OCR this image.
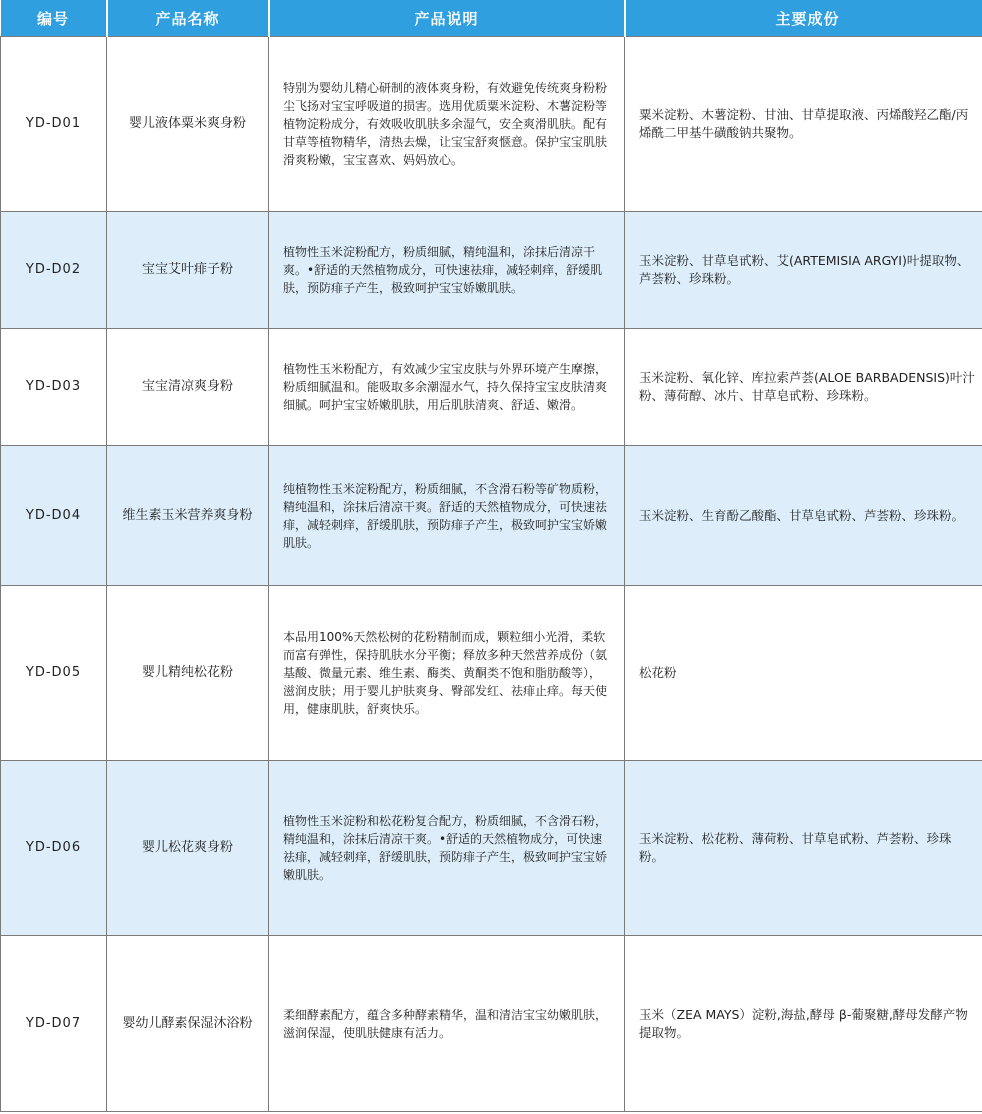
编号	产品名称	产品说明	主要成份
YD-D01	婴儿液体粟米爽身粉	特别为婴幼儿精心研制的液体爽身粉，有效避免传统爽身粉粉尘飞扬对宝宝呼吸道的损害。选用优质粟米淀粉、木薯淀粉等植物淀粉成分，有效吸收肌肤多余湿气，安全爽滑肌肤。配有甘草等植物精华，清热去燥，让宝宝舒爽惬意。保护宝宝肌肤滑爽粉嫩，宝宝喜欢、妈妈放心。	粟米淀粉、木薯淀粉、甘油、甘草提取液、丙烯酸羟乙酯/丙烯酰二甲基牛磺酸钠共聚物。

YD-D02	宝宝艾叶痱子粉	植物性玉米淀粉配方，粉质细腻，精纯温和，涂抹后清凉干爽。•舒适的天然植物成分，可快速祛痱，减轻刺痒，舒缓肌肤，预防痱子产生，极致呵护宝宝娇嫩肌肤。	玉米淀粉、甘草皂甙粉、艾(ARTEMISIA ARGYI)叶提取物、芦荟粉、珍珠粉。

YD-D03	宝宝清凉爽身粉	植物性玉米粉配方，有效减少宝宝皮肤与外界环境产生摩擦，粉质细腻温和。能吸取多余潮湿水气，持久保持宝宝皮肤清爽细腻。呵护宝宝娇嫩肌肤，用后肌肤清爽、舒适、嫩滑。	玉米淀粉、氧化锌、库拉索芦荟(ALOE BARBADENSIS)叶汁粉、薄荷醇、冰片、甘草皂甙粉、珍珠粉。

YD-D04	维生素玉米营养爽身粉	纯植物性玉米淀粉配方，粉质细腻，不含滑石粉等矿物质粉，精纯温和，涂抹后清凉干爽。舒适的天然植物成分，可快速祛痱，减轻刺痒，舒缓肌肤，预防痱子产生，极致呵护宝宝娇嫩肌肤。	玉米淀粉、生育酚乙酸酯、甘草皂甙粉、芦荟粉、珍珠粉。

YD-D05	婴儿精纯松花粉	本品用100%天然松树的花粉精制而成，颗粒细小光滑，柔软而富有弹性，保持肌肤水分平衡；释放多种天然营养成份（氨基酸、微量元素、维生素、酶类、黄酮类不饱和脂肪酸等），滋润皮肤；用于婴儿护肤爽身、臀部发红、祛痱止痒。每天使用，健康肌肤，舒爽快乐。	松花粉

YD-D06	婴儿松花爽身粉	植物性玉米淀粉和松花粉复合配方，粉质细腻，不含滑石粉，精纯温和，涂抹后清凉干爽。•舒适的天然植物成分，可快速祛痱，减轻刺痒，舒缓肌肤，预防痱子产生，极致呵护宝宝娇嫩肌肤。	玉米淀粉、松花粉、薄荷粉、甘草皂甙粉、芦荟粉、珍珠粉。

YD-D07	婴幼儿酵素保湿沐浴粉	柔细酵素配方，蕴含多种酵素精华，温和清洁宝宝幼嫩肌肤，滋润保湿，使肌肤健康有活力。	玉米（ZEA MAYS）淀粉,海盐,酵母 β-葡聚糖,酵母发酵产物提取物。
